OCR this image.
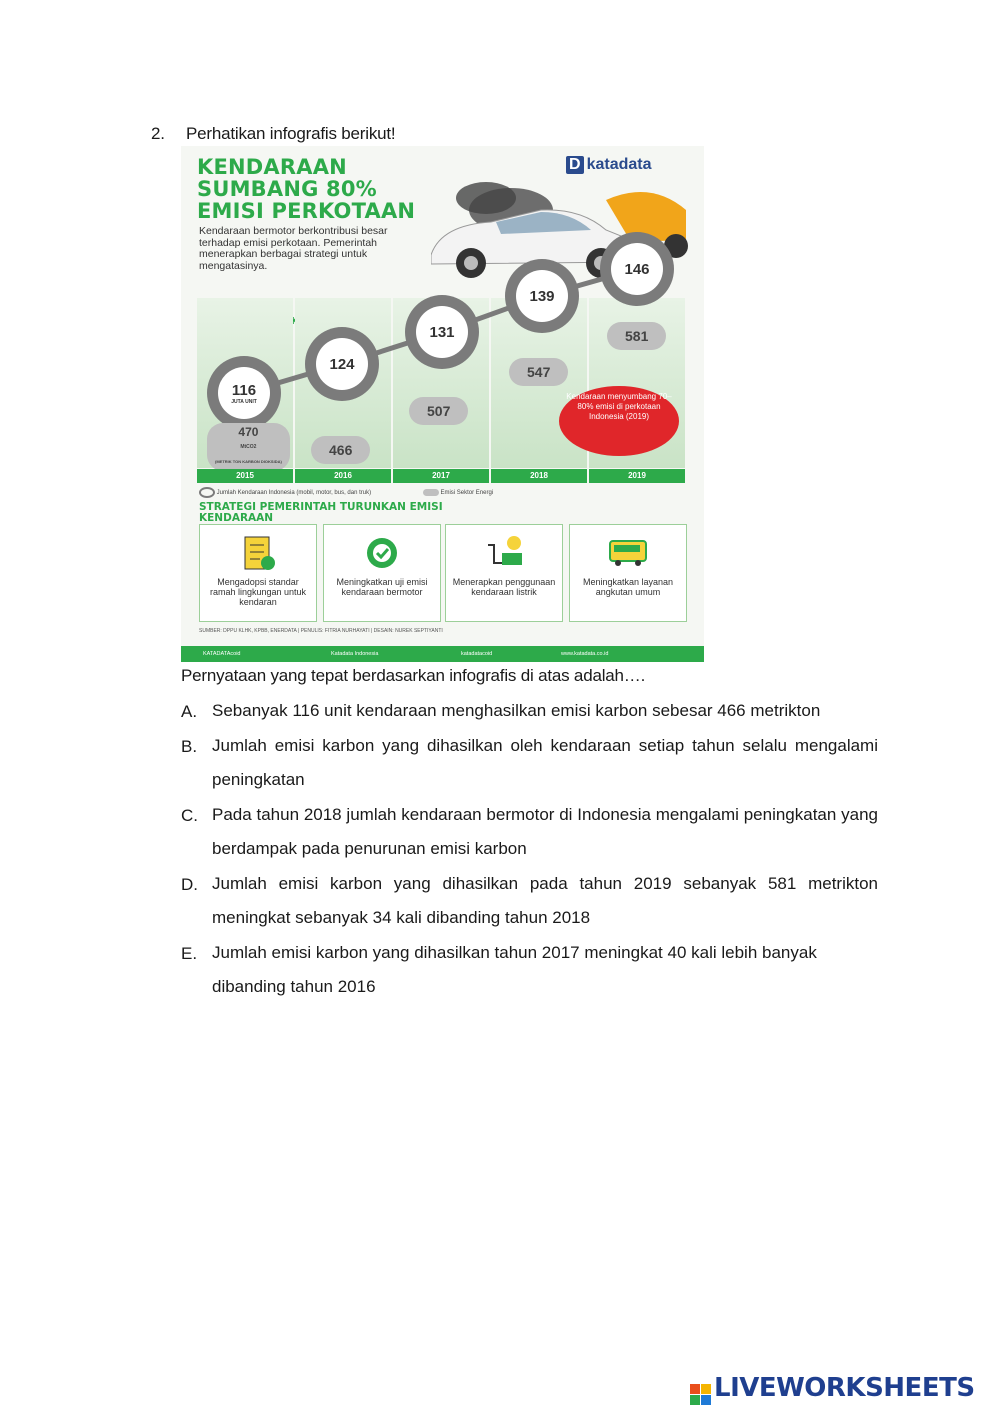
2. Perhatikan infografis berikut!
KENDARAAN
SUMBANG 80%
EMISI PERKOTAAN
D katadata
Kendaraan bermotor berkontribusi besar terhadap emisi perkotaan. Pemerintah menerapkan berbagai strategi untuk mengatasinya.
116
JUTA UNIT
124
131
139
146
470
MtCO2
(METRIK TON KARBON DIOKSIDA)
466
507
547
581
Kendaraan menyumbang 70–80% emisi di perkotaan Indonesia (2019)
2015	2016	2017	2018	2019
Jumlah Kendaraan Indonesia (mobil, motor, bus, dan truk)	Emisi Sektor Energi
STRATEGI PEMERINTAH TURUNKAN EMISI KENDARAAN
Mengadopsi standar ramah lingkungan untuk kendaran
Meningkatkan uji emisi kendaraan bermotor
Menerapkan penggunaan kendaraan listrik
Meningkatkan layanan angkutan umum
SUMBER: DPPU KLHK, KPBB, ENERDATA | PENULIS: FITRIA NURHAYATI | DESAIN: NUREK SEPTIYANTI
KATADATAcoid	Katadata Indonesia	katadatacoid	www.katadata.co.id
Pernyataan yang tepat berdasarkan infografis di atas adalah….
A. Sebanyak 116 unit kendaraan menghasilkan emisi karbon sebesar 466 metrikton
B. Jumlah emisi karbon yang dihasilkan oleh kendaraan setiap tahun selalu mengalami peningkatan
C. Pada tahun 2018 jumlah kendaraan bermotor di Indonesia mengalami peningkatan yang berdampak pada penurunan emisi karbon
D. Jumlah emisi karbon yang dihasilkan pada tahun 2019 sebanyak 581 metrikton meningkat sebanyak 34 kali dibanding tahun 2018
E. Jumlah emisi karbon yang dihasilkan tahun 2017 meningkat 40 kali lebih banyak dibanding tahun 2016
LIVEWORKSHEETS
